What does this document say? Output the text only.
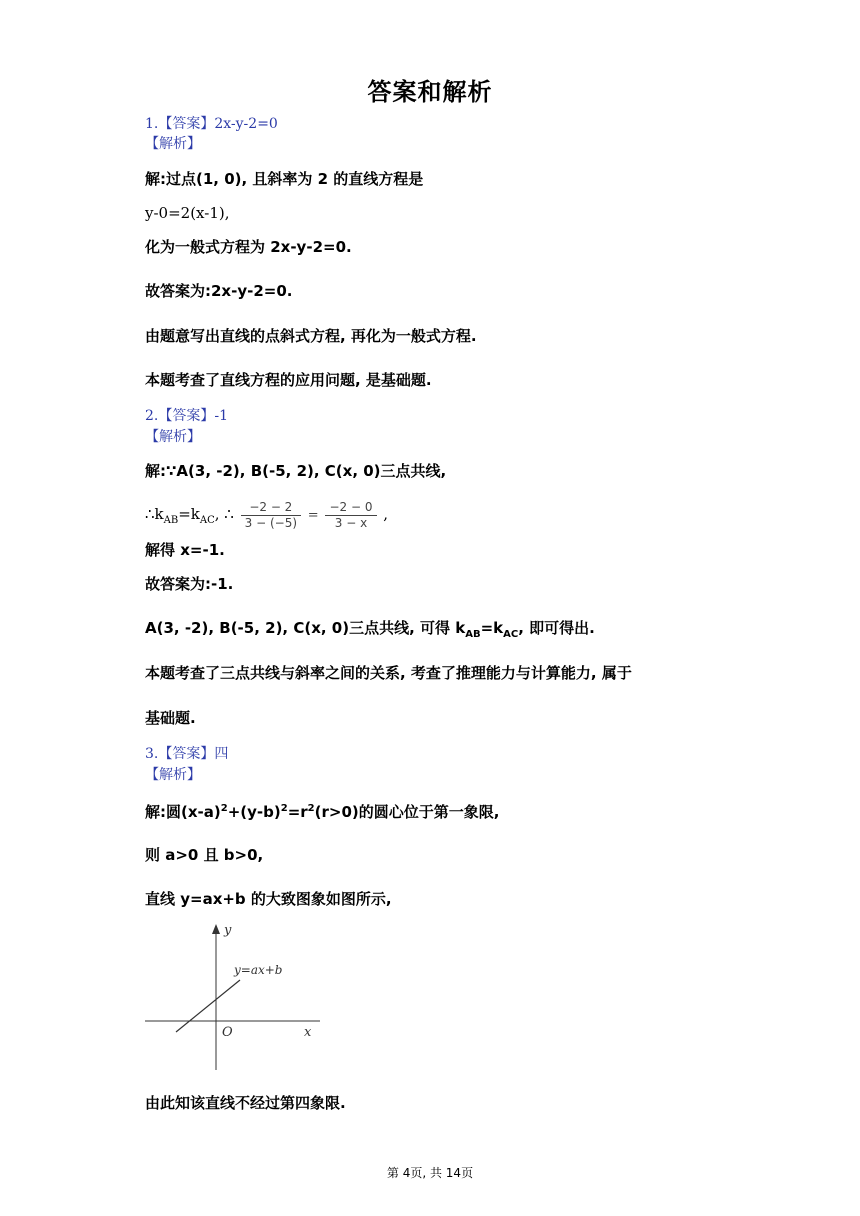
答案和解析
1.【答案】2x-y-2=0
【解析】
解:过点(1, 0), 且斜率为 2 的直线方程是
y-0=2(x-1),
化为一般式方程为 2x-y-2=0.
故答案为:2x-y-2=0.
由题意写出直线的点斜式方程, 再化为一般式方程.
本题考查了直线方程的应用问题, 是基础题.
2.【答案】-1
【解析】
解:∵A(3, -2), B(-5, 2), C(x, 0)三点共线,
$\therefore k_{AB}=k_{AC}$, ∴ $\frac{-2 - 2}{3 - (-5)} = \frac{-2 - 0}{3 - x}$ ,
解得 x=-1.
故答案为:-1.
A(3, -2), B(-5, 2), C(x, 0)三点共线, 可得 $k_{AB}=k_{AC}$, 即可得出.
本题考查了三点共线与斜率之间的关系, 考查了推理能力与计算能力, 属于
基础题.
3.【答案】四
【解析】
解:圆$(x-a)^2+(y-b)^2=r^2(r>0)$的圆心位于第一象限,
则 a>0 且 b>0,
直线 y=ax+b 的大致图象如图所示,
y
x
O
y=ax+b
由此知该直线不经过第四象限.
第 4页, 共 14页
